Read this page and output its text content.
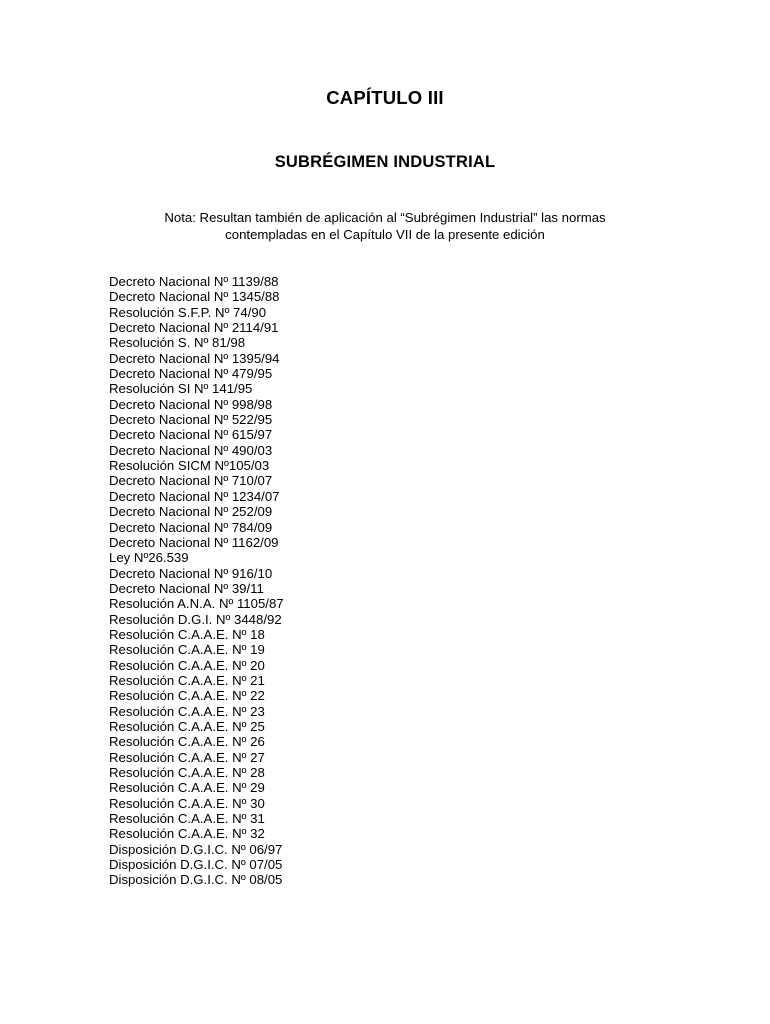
CAPÍTULO III
SUBRÉGIMEN INDUSTRIAL
Nota: Resultan también de aplicación al “Subrégimen Industrial” las normas
contempladas en el Capítulo VII de la presente edición
Decreto Nacional Nº 1139/88
Decreto Nacional Nº 1345/88
Resolución S.F.P. Nº 74/90
Decreto Nacional Nº 2114/91
Resolución S. Nº 81/98
Decreto Nacional Nº 1395/94
Decreto Nacional Nº 479/95
Resolución SI Nº 141/95
Decreto Nacional Nº 998/98
Decreto Nacional Nº 522/95
Decreto Nacional Nº 615/97
Decreto Nacional Nº 490/03
Resolución SICM Nº105/03
Decreto Nacional Nº 710/07
Decreto Nacional Nº 1234/07
Decreto Nacional Nº 252/09
Decreto Nacional Nº 784/09
Decreto Nacional Nº 1162/09
Ley Nº26.539
Decreto Nacional Nº 916/10
Decreto Nacional Nº 39/11
Resolución A.N.A. Nº 1105/87
Resolución D.G.I. Nº 3448/92
Resolución C.A.A.E. Nº 18
Resolución C.A.A.E. Nº 19
Resolución C.A.A.E. Nº 20
Resolución C.A.A.E. Nº 21
Resolución C.A.A.E. Nº 22
Resolución C.A.A.E. Nº 23
Resolución C.A.A.E. Nº 25
Resolución C.A.A.E. Nº 26
Resolución C.A.A.E. Nº 27
Resolución C.A.A.E. Nº 28
Resolución C.A.A.E. Nº 29
Resolución C.A.A.E. Nº 30
Resolución C.A.A.E. Nº 31
Resolución C.A.A.E. Nº 32
Disposición D.G.I.C. Nº 06/97
Disposición D.G.I.C. Nº 07/05
Disposición D.G.I.C. Nº 08/05
